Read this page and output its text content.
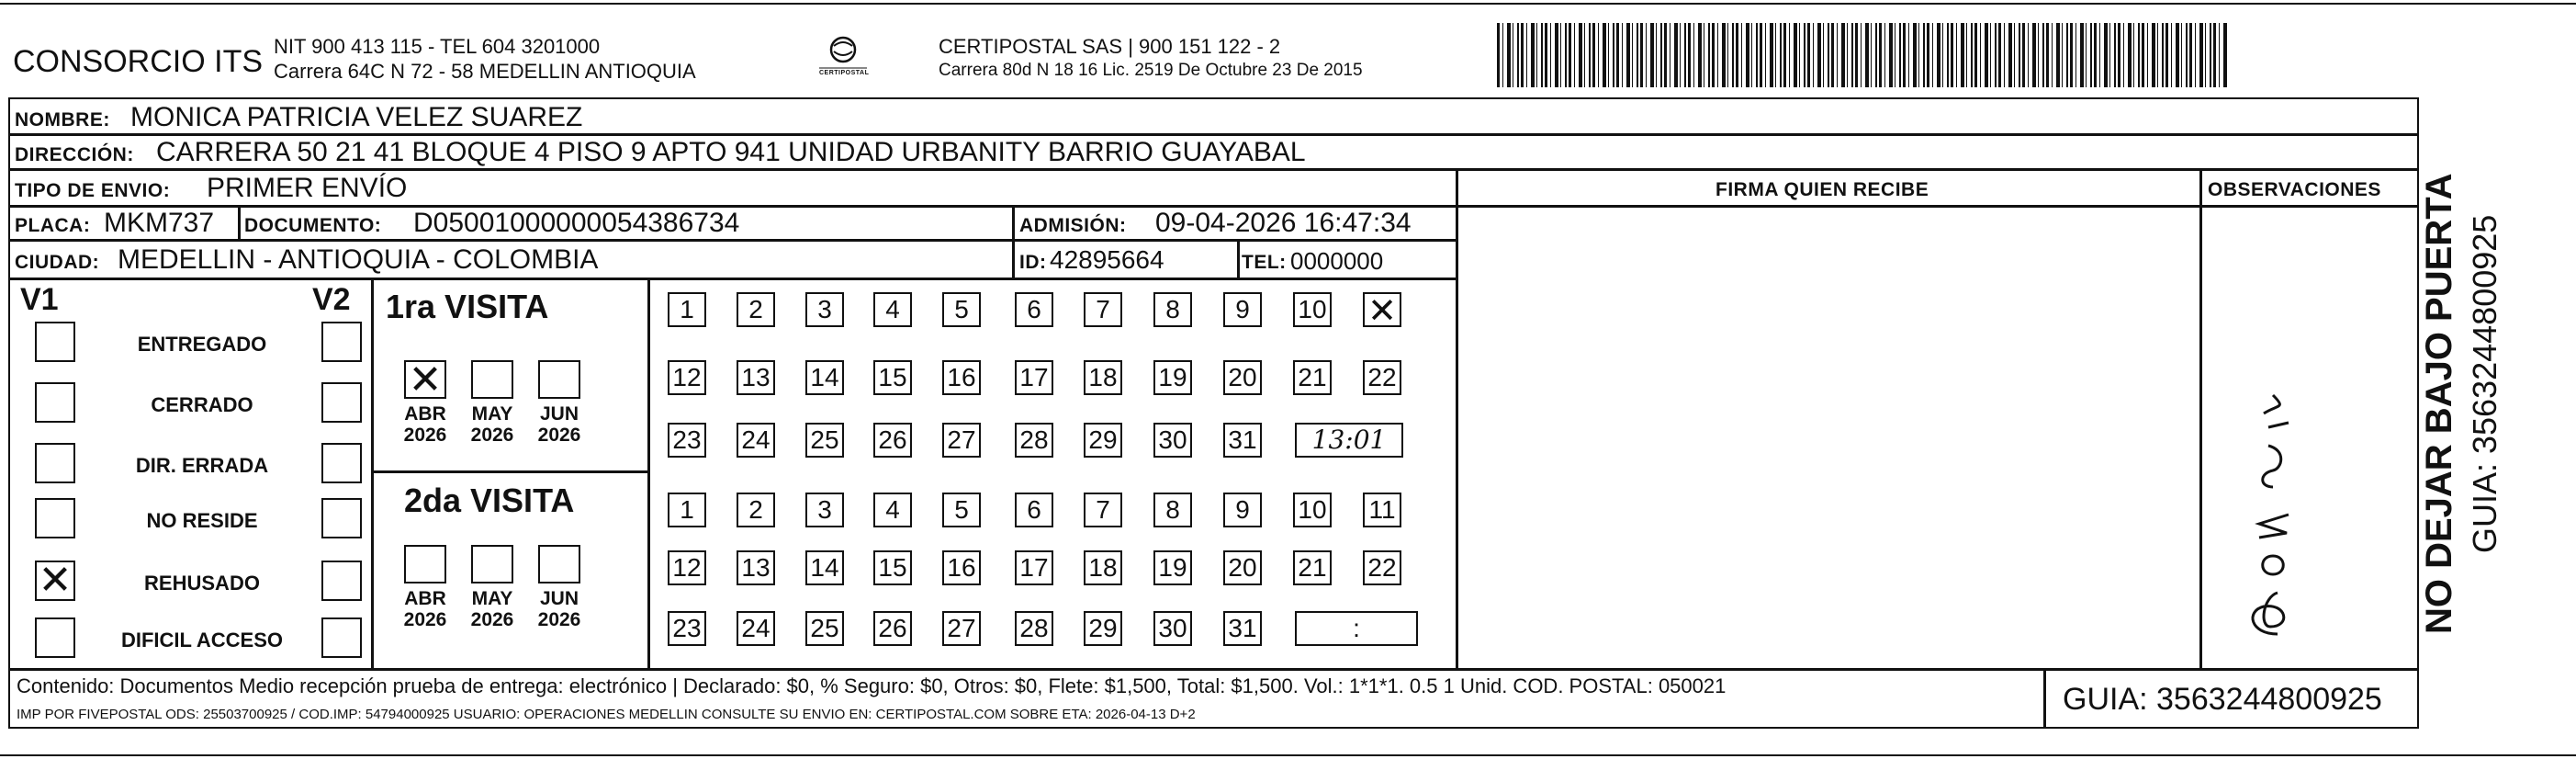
CONSORCIO ITS NIT 900 413 115 - TEL 604 3201000
Carrera 64C N 72 - 58 MEDELLIN ANTIOQUIA	CERTIPOSTAL
CERTIPOSTAL SAS | 900 151 122 - 2
Carrera 80d N 18 16 Lic. 2519 De Octubre 23 De 2015
NOMBRE: MONICA PATRICIA VELEZ SUAREZ
DIRECCIÓN: CARRERA 50 21 41 BLOQUE 4 PISO 9 APTO 941 UNIDAD URBANITY BARRIO GUAYABAL
TIPO DE ENVIO: PRIMER ENVÍO	FIRMA QUIEN RECIBE	OBSERVACIONES
PLACA: MKM737 DOCUMENTO: D05001000000054386734	ADMISIÓN: 09-04-2026 16:47:34
CIUDAD: MEDELLIN - ANTIOQUIA - COLOMBIA	ID: 42895664	TEL: 0000000
V1	V2 1ra VISITA
2da VISITA
Contenido: Documentos Medio recepción prueba de entrega: electrónico | Declarado: $0, % Seguro: $0, Otros: $0, Flete: $1,500, Total: $1,500. Vol.: 1*1*1. 0.5 1 Unid. COD. POSTAL: 050021
IMP POR FIVEPOSTAL ODS: 25503700925 / COD.IMP: 54794000925 USUARIO: OPERACIONES MEDELLIN CONSULTE SU ENVIO EN: CERTIPOSTAL.COM SOBRE ETA: 2026-04-13 D+2	GUIA: 3563244800925
NO DEJAR BAJO PUERTA GUIA: 3563244800925
ENTREGADO
CERRADO
DIR. ERRADA
NO RESIDE
REHUSADO
✕
DIFICIL ACCESO
ABR
2026
✕
MAY
2026
JUN
2026
ABR
2026
MAY
2026
JUN
2026
1	2	3	4	5	6	7	8	9	10 ✕
12 13 14 15 16 17 18 19 20 21 22
23 24 25 26 27 28 29 30 31	13:01
1	2	3	4	5	6	7	8	9	10 11
12 13 14 15 16 17 18 19 20 21 22
23 24 25 26 27 28 29 30 31	:
